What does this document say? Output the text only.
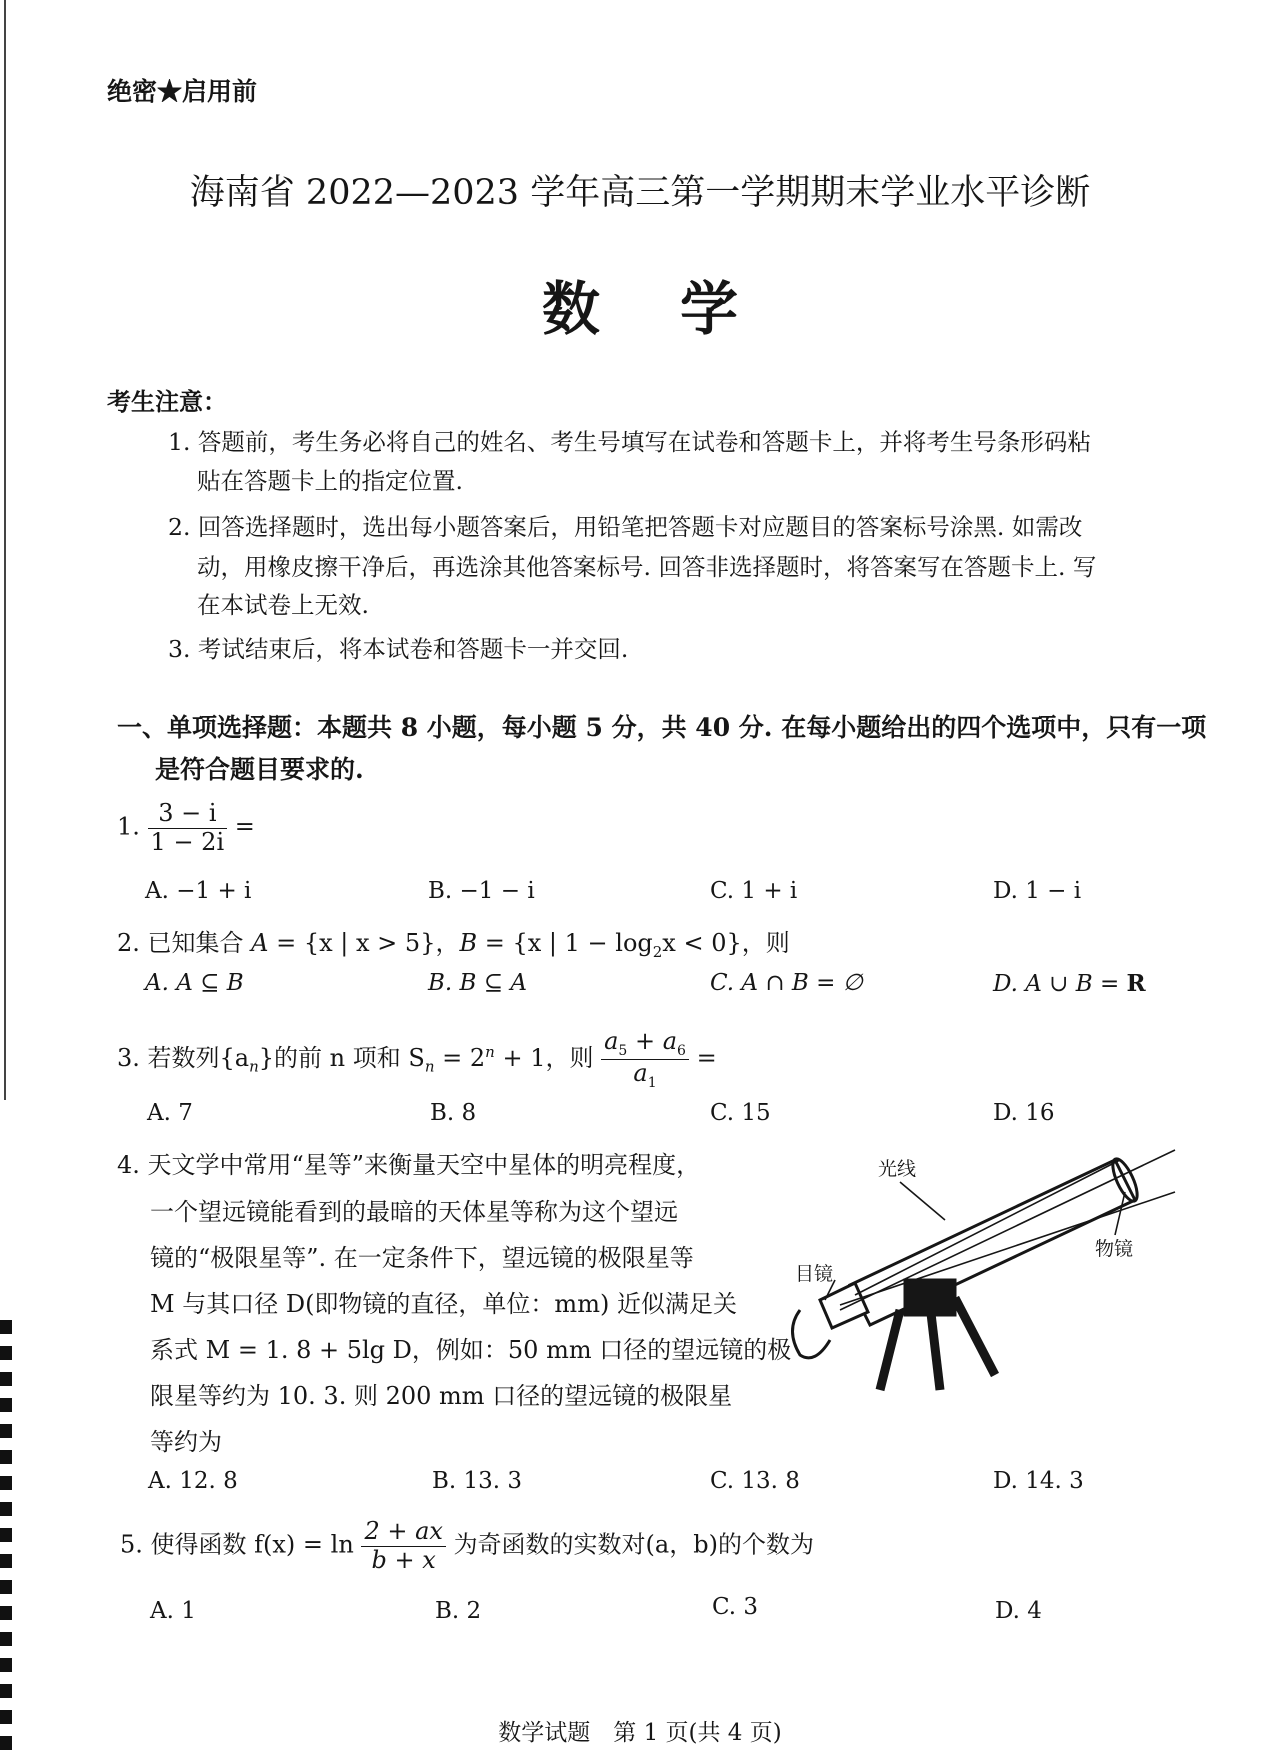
绝密★启用前
海南省 2022—2023 学年高三第一学期期末学业水平诊断
数学
考生注意：
1. 答题前，考生务必将自己的姓名、考生号填写在试卷和答题卡上，并将考生号条形码粘
贴在答题卡上的指定位置.
2. 回答选择题时，选出每小题答案后，用铅笔把答题卡对应题目的答案标号涂黑. 如需改
动，用橡皮擦干净后，再选涂其他答案标号. 回答非选择题时，将答案写在答题卡上. 写
在本试卷上无效.
3. 考试结束后，将本试卷和答题卡一并交回.
一、单项选择题：本题共 8 小题，每小题 5 分，共 40 分. 在每小题给出的四个选项中，只有一项
是符合题目要求的.
1. $\frac{3 - i}{1 - 2i}$ =
A. −1 + i	B. −1 − i	C. 1 + i	D. 1 − i
2. 已知集合 A = {x | x > 5}，B = {x | $1 - \log_2x < 0$}，则
A. A ⊆ B	B. B ⊆ A	C. A ∩ B = ∅	D. A ∪ B = R
3. 若数列$\{a_n\}$的前 n 项和 $S_n = 2^n + 1$，则 $\frac{a_5 + a_6}{a_1}$ =
A. 7	B. 8	C. 15	D. 16
4. 天文学中常用“星等”来衡量天空中星体的明亮程度，
一个望远镜能看到的最暗的天体星等称为这个望远
镜的“极限星等”. 在一定条件下，望远镜的极限星等
M 与其口径 D(即物镜的直径，单位：mm) 近似满足关
系式 M = 1. 8 + 5lg D，例如：50 mm 口径的望远镜的极
限星等约为 10. 3. 则 200 mm 口径的望远镜的极限星
等约为
光线
目镜
物镜
A. 12. 8	B. 13. 3	C. 13. 8	D. 14. 3
5. 使得函数 $f(x) = \ln \frac{2 + ax}{b + x}$ 为奇函数的实数对(a，b)的个数为
A. 1	B. 2	C. 3	D. 4
数学试题　第 1 页(共 4 页)
